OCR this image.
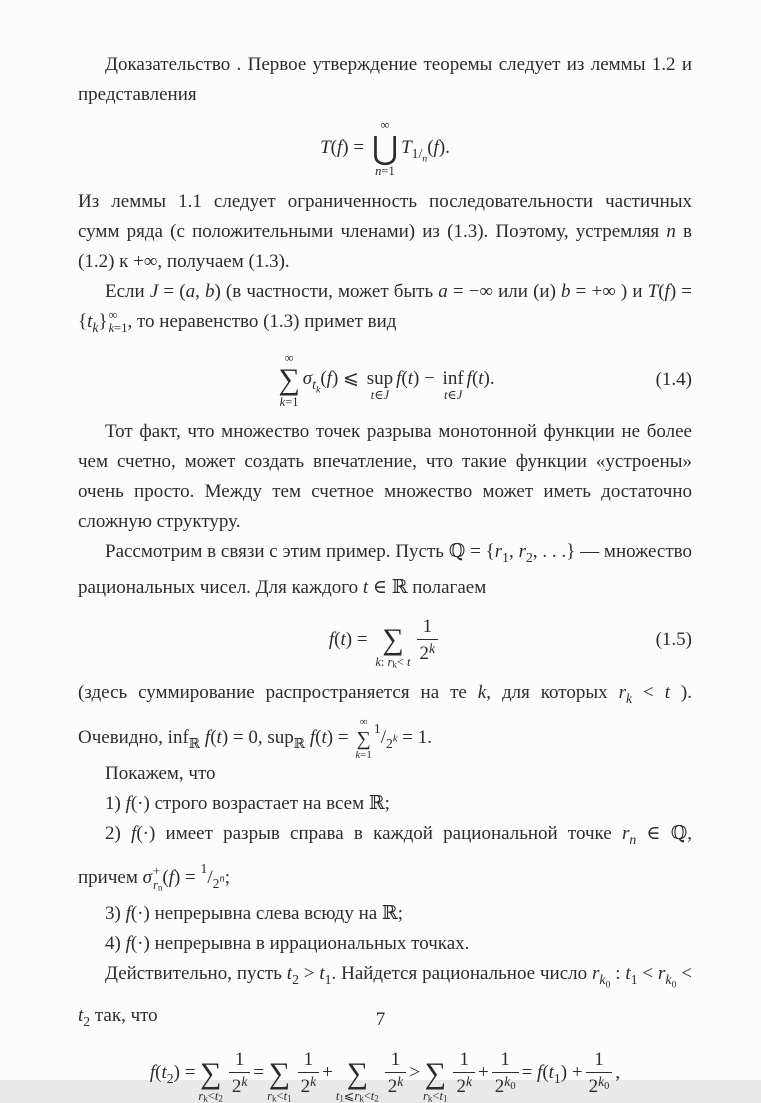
Доказательство . Первое утверждение теоремы следует из леммы 1.2 и представления

T(f) =
∞
⋃
n=1
$T_{1/n}(f)$.

Из леммы 1.1 следует ограниченность последовательности частичных сумм ряда (с положительными членами) из (1.3). Поэтому, устремляя n в (1.2) к +∞, получаем (1.3).

Если J = (a, b) (в частности, может быть a = −∞ или (и) b = +∞ ) и $T(f) = \{t_k\}$ ∞
k=1 , то неравенство (1.3) примет вид

∞
∑
k=1
$\sigma_{tk}(f)$ ⩽ sup
t∈J
f(t) − inf
t∈J
f(t).	(1.4)

Тот факт, что множество точек разрыва монотонной функции не более чем счетно, может создать впечатление, что такие функции «устроены» очень просто. Между тем счетное множество может иметь достаточно сложную структуру.

Рассмотрим в связи с этим пример. Пусть ℚ = {$r_1$, $r_2$, . . .} — множество рациональных чисел. Для каждого t ∈ ℝ полагаем

f(t) = ∑
k: rk< t $\frac{1}{2^k}$	(1.5)

(здесь суммирование распространяется на те k, для которых $r_k < t$ ). Очевидно, inf$_ℝ$ f(t) = 0, sup$_ℝ$ f(t) =
∞
∑
k=1
$^1/_2k = 1$.

Покажем, что

1) f(·) строго возрастает на всем ℝ;

2) f(·) имеет разрыв справа в каждой рациональной точке $r_n$ ∈ ℚ, причем σ +
rn $(f) = ^1/_2n$;

3) f(·) непрерывна слева всюду на ℝ;

4) f(·) непрерывна в иррациональных точках.

Действительно, пусть $t_2 > t_1$. Найдется рациональное число $r_{k0}$ : $t_1 < r_{k0} < t_2$ так, что

$f(t_2)$ = ∑
$rk<t2 \frac{1}{2^k}$ = ∑
$rk<t1 \frac{1}{2^k}$ + ∑
t1⩽rk<t2 $\frac{1}{2^k}$ > ∑
$rk<t1 \frac{1}{2^k} + \frac{1}{2^k0} = f(t_1) + \frac{1}{2^k0}$ ,
7
